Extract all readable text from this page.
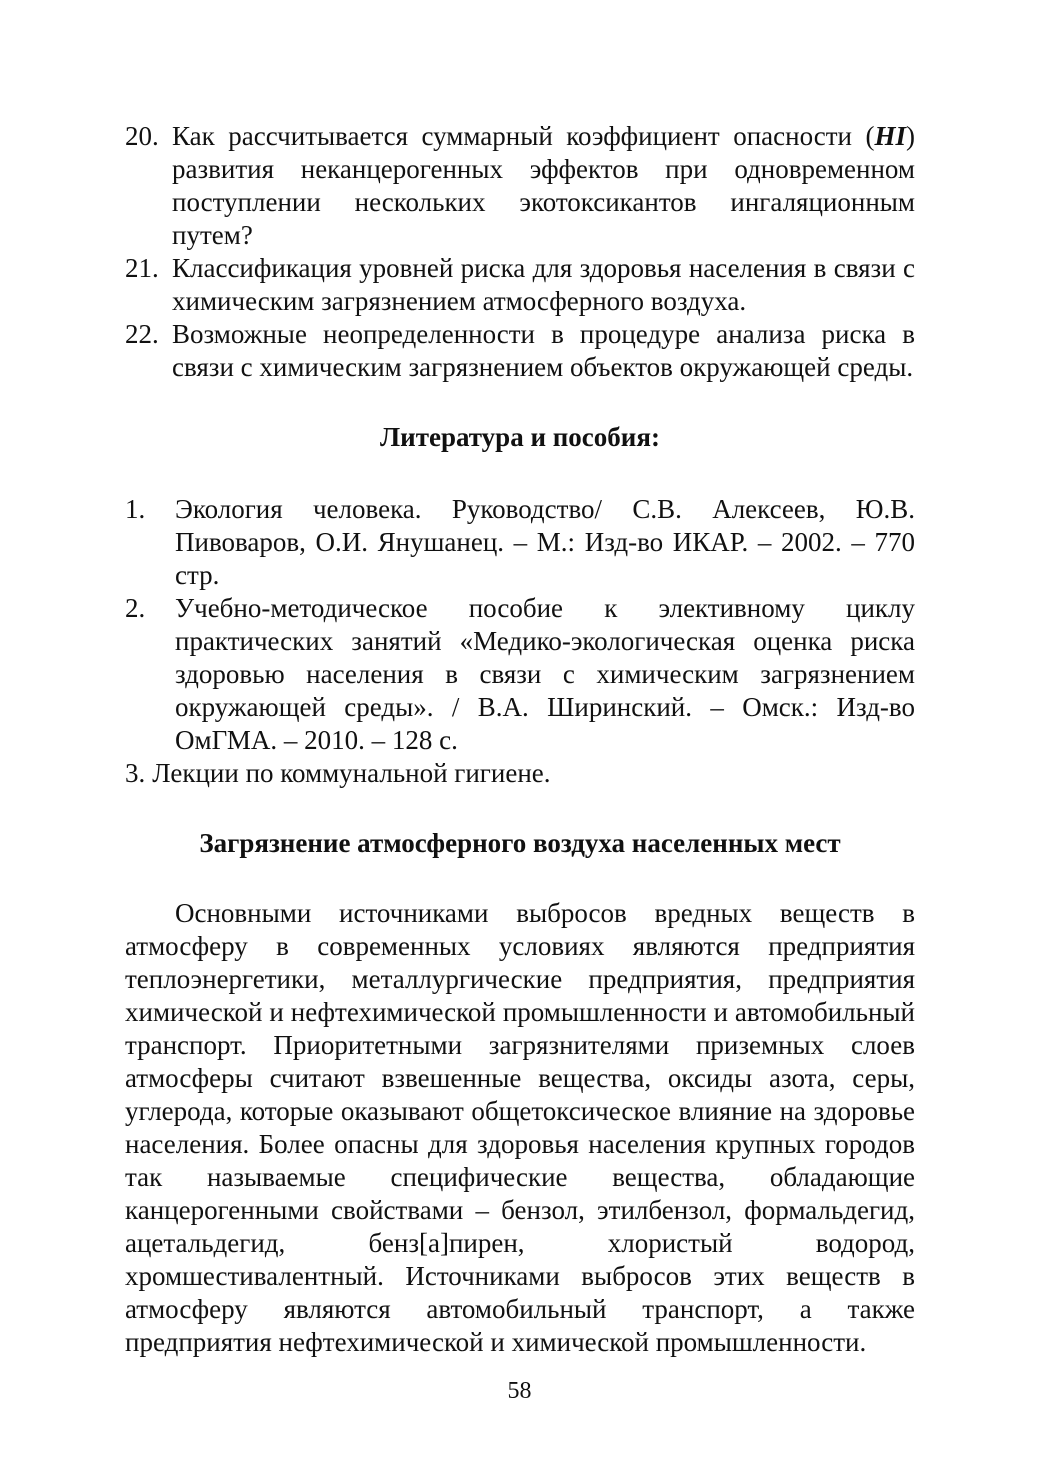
20. Как рассчитывается суммарный коэффициент опасности (HI) развития неканцерогенных эффектов при одновременном поступлении нескольких экотоксикантов ингаляционным путем?
21. Классификация уровней риска для здоровья населения в связи с химическим загрязнением атмосферного воздуха.
22. Возможные неопределенности в процедуре анализа риска в связи с химическим загрязнением объектов окружающей среды.
Литература и пособия:
1. Экология человека. Руководство/ С.В. Алексеев, Ю.В. Пивоваров, О.И. Янушанец. – М.: Изд-во ИКАР. – 2002. – 770 стр.
2. Учебно-методическое пособие к элективному циклу практических занятий «Медико-экологическая оценка риска здоровью населения в связи с химическим загрязнением окружающей среды». / В.А. Ширинский. – Омск.: Изд-во ОмГМА. – 2010. – 128 с.
3. Лекции по коммунальной гигиене.
Загрязнение атмосферного воздуха населенных мест

Основными источниками выбросов вредных веществ в атмосферу в современных условиях являются предприятия теплоэнергетики, металлургические предприятия, предприятия химической и нефтехимической промышленности и автомобильный транспорт. Приоритетными загрязнителями приземных слоев атмосферы считают взвешенные вещества, оксиды азота, серы, углерода, которые оказывают общетоксическое влияние на здоровье населения. Более опасны для здоровья населения крупных городов так называемые специфические вещества, обладающие канцерогенными свойствами – бензол, этилбензол, формальдегид, ацетальдегид, бенз[а]пирен, хлористый водород, хромшестивалентный. Источниками выбросов этих веществ в атмосферу являются автомобильный транспорт, а также предприятия нефтехимической и химической промышленности.

58
